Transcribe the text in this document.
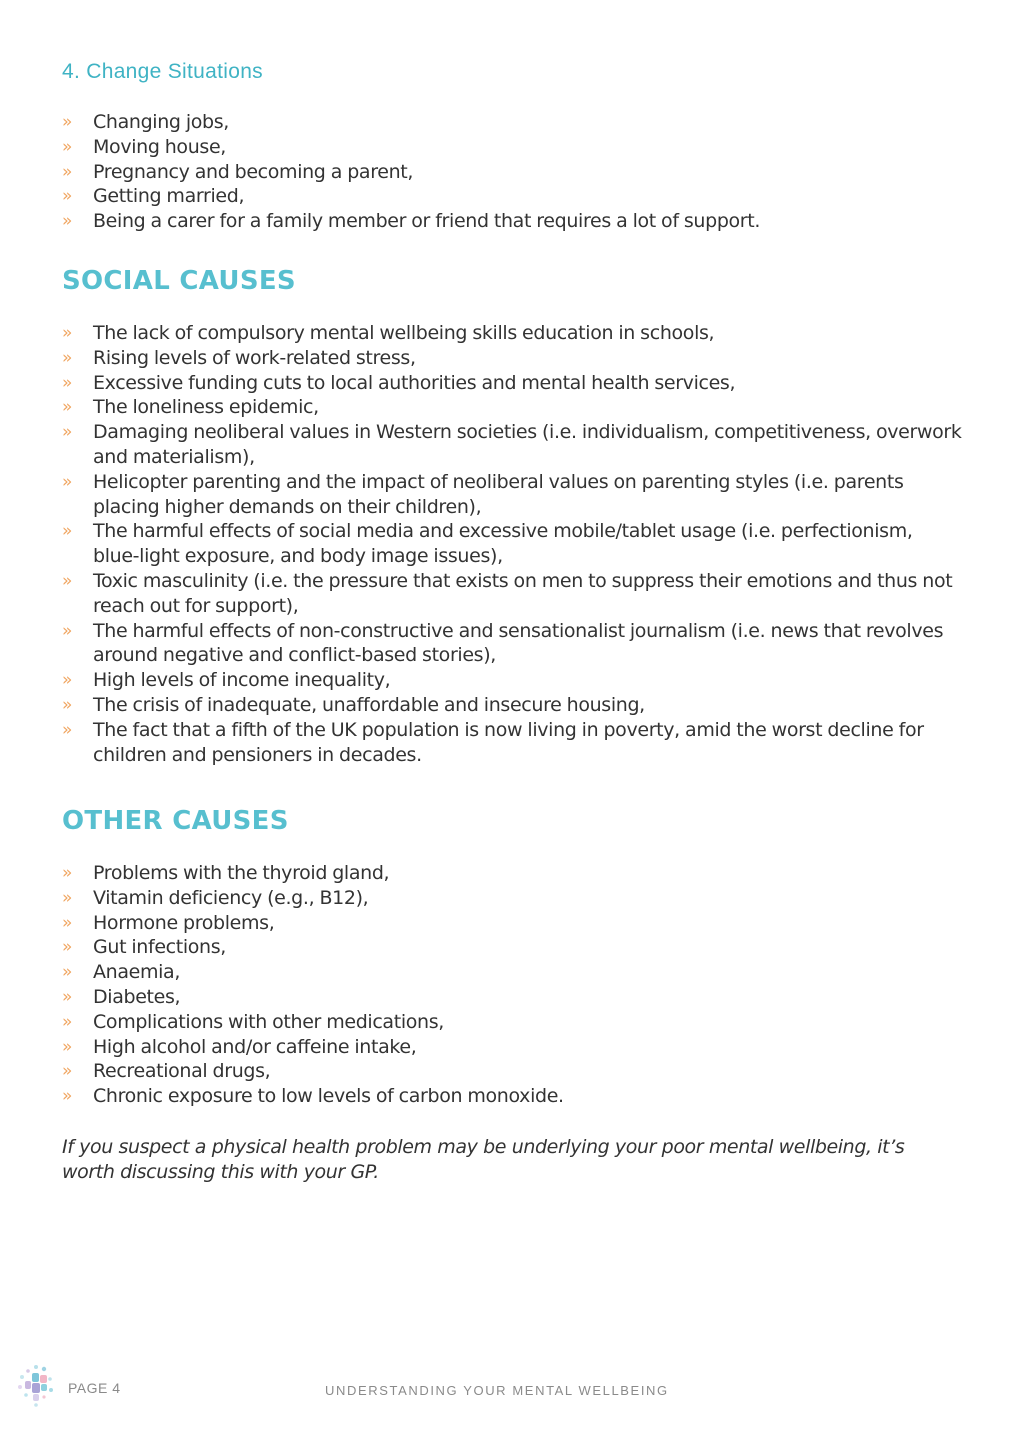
4. Change Situations
» Changing jobs,
» Moving house,
» Pregnancy and becoming a parent,
» Getting married,
» Being a carer for a family member or friend that requires a lot of support.
SOCIAL CAUSES
» The lack of compulsory mental wellbeing skills education in schools,
» Rising levels of work-related stress,
» Excessive funding cuts to local authorities and mental health services,
» The loneliness epidemic,
» Damaging neoliberal values in Western societies (i.e. individualism, competitiveness, overwork and materialism),
» Helicopter parenting and the impact of neoliberal values on parenting styles (i.e. parents placing higher demands on their children),
» The harmful effects of social media and excessive mobile/tablet usage (i.e. perfectionism, blue-light exposure, and body image issues),
» Toxic masculinity (i.e. the pressure that exists on men to suppress their emotions and thus not reach out for support),
» The harmful effects of non-constructive and sensationalist journalism (i.e. news that revolves around negative and conflict-based stories),
» High levels of income inequality,
» The crisis of inadequate, unaffordable and insecure housing,
» The fact that a fifth of the UK population is now living in poverty, amid the worst decline for children and pensioners in decades.
OTHER CAUSES
» Problems with the thyroid gland,
» Vitamin deficiency (e.g., B12),
» Hormone problems,
» Gut infections,
» Anaemia,
» Diabetes,
» Complications with other medications,
» High alcohol and/or caffeine intake,
» Recreational drugs,
» Chronic exposure to low levels of carbon monoxide.
If you suspect a physical health problem may be underlying your poor mental wellbeing, it’s worth discussing this with your GP.
PAGE 4	UNDERSTANDING YOUR MENTAL WELLBEING
